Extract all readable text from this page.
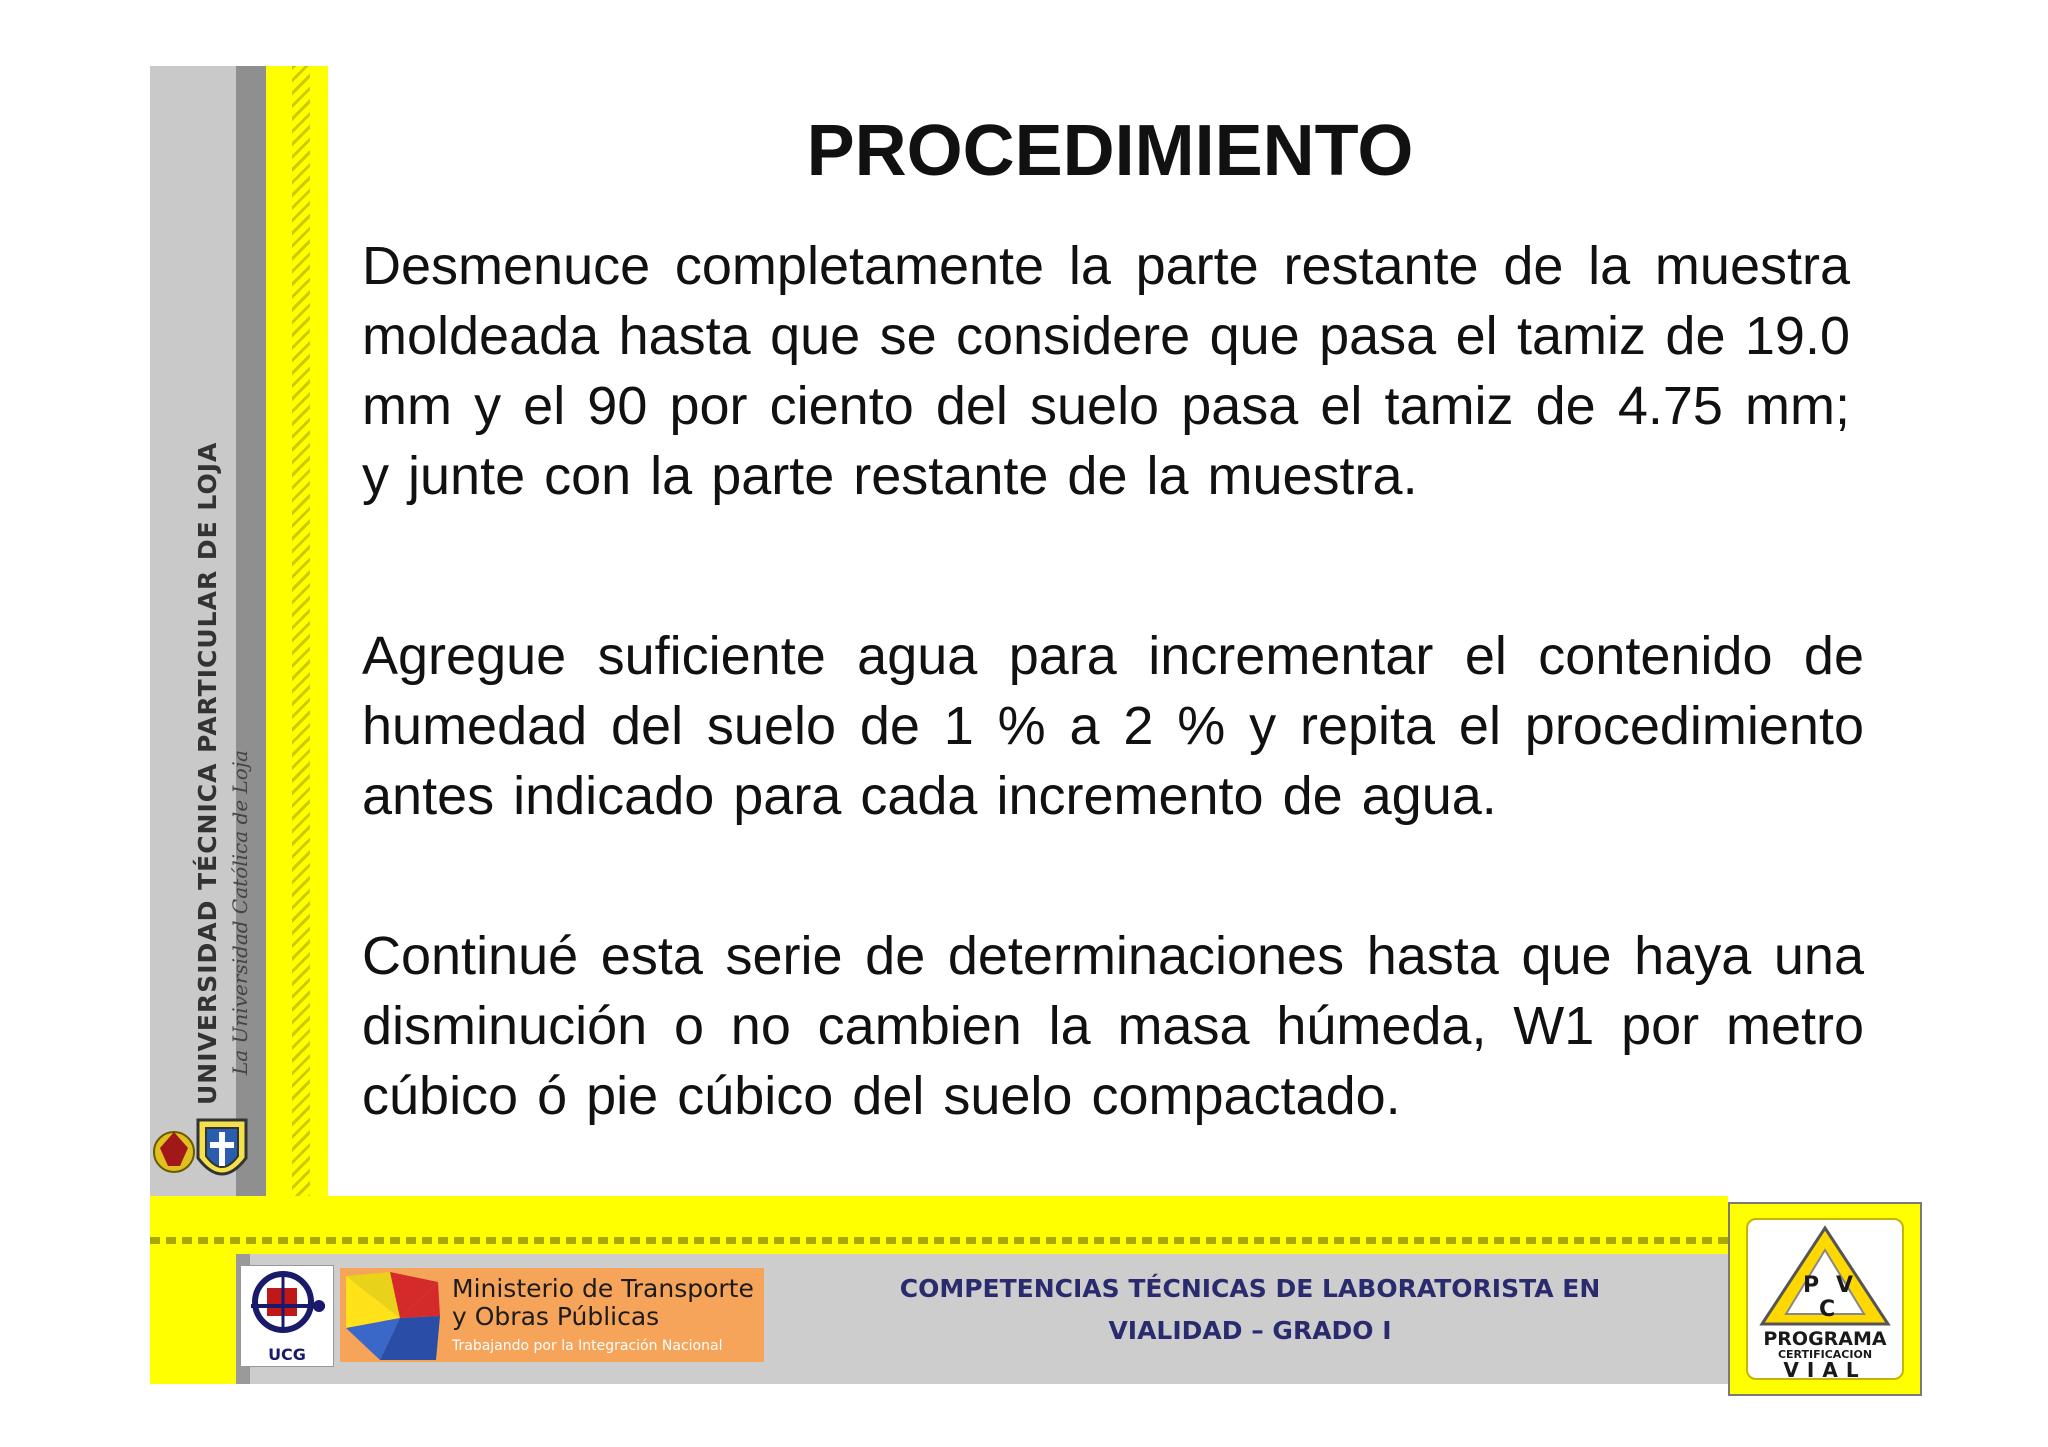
UNIVERSIDAD TÉCNICA PARTICULAR DE LOJA La Universidad Católica de Loja
UCG
Ministerio de Transporte
y Obras Públicas
Trabajando por la Integración Nacional
COMPETENCIAS TÉCNICAS DE LABORATORISTA EN
VIALIDAD – GRADO I
P V
C
PROGRAMA
CERTIFICACION
VIAL
PROCEDIMIENTO

Desmenuce completamente la parte restante de la muestra moldeada hasta que se considere que pasa el tamiz de 19.0 mm y el 90 por ciento del suelo pasa el tamiz de 4.75 mm; y junte con la parte restante de la muestra.

Agregue suficiente agua para incrementar el contenido de humedad del suelo de 1 % a 2 % y repita el procedimiento antes indicado para cada incremento de agua.

Continué esta serie de determinaciones hasta que haya una disminución o no cambien la masa húmeda, W1 por metro cúbico ó pie cúbico del suelo compactado.
